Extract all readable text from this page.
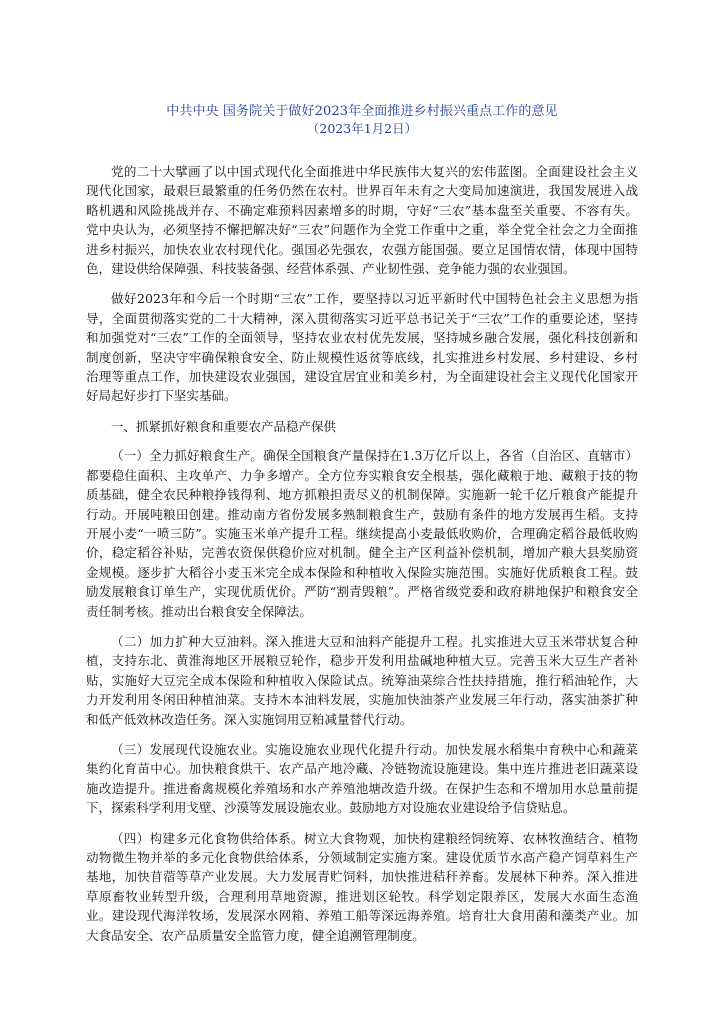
中共中央 国务院关于做好2023年全面推进乡村振兴重点工作的意见
（2023年1月2日）

党的二十大擘画了以中国式现代化全面推进中华民族伟大复兴的宏伟蓝图。全面建设社会主义现代化国家，最艰巨最繁重的任务仍然在农村。世界百年未有之大变局加速演进，我国发展进入战略机遇和风险挑战并存、不确定难预料因素增多的时期，守好“三农”基本盘至关重要、不容有失。党中央认为，必须坚持不懈把解决好“三农”问题作为全党工作重中之重，举全党全社会之力全面推进乡村振兴，加快农业农村现代化。强国必先强农，农强方能国强。要立足国情农情，体现中国特色，建设供给保障强、科技装备强、经营体系强、产业韧性强、竞争能力强的农业强国。

做好2023年和今后一个时期“三农”工作，要坚持以习近平新时代中国特色社会主义思想为指导，全面贯彻落实党的二十大精神，深入贯彻落实习近平总书记关于“三农”工作的重要论述，坚持和加强党对“三农”工作的全面领导，坚持农业农村优先发展，坚持城乡融合发展，强化科技创新和制度创新，坚决守牢确保粮食安全、防止规模性返贫等底线，扎实推进乡村发展、乡村建设、乡村治理等重点工作，加快建设农业强国，建设宜居宜业和美乡村，为全面建设社会主义现代化国家开好局起好步打下坚实基础。

一、抓紧抓好粮食和重要农产品稳产保供

（一）全力抓好粮食生产。确保全国粮食产量保持在1.3万亿斤以上，各省（自治区、直辖市）都要稳住面积、主攻单产、力争多增产。全方位夯实粮食安全根基，强化藏粮于地、藏粮于技的物质基础，健全农民种粮挣钱得利、地方抓粮担责尽义的机制保障。实施新一轮千亿斤粮食产能提升行动。开展吨粮田创建。推动南方省份发展多熟制粮食生产，鼓励有条件的地方发展再生稻。支持开展小麦“一喷三防”。实施玉米单产提升工程。继续提高小麦最低收购价，合理确定稻谷最低收购价，稳定稻谷补贴，完善农资保供稳价应对机制。健全主产区利益补偿机制，增加产粮大县奖励资金规模。逐步扩大稻谷小麦玉米完全成本保险和种植收入保险实施范围。实施好优质粮食工程。鼓励发展粮食订单生产，实现优质优价。严防“割青毁粮”。严格省级党委和政府耕地保护和粮食安全责任制考核。推动出台粮食安全保障法。

（二）加力扩种大豆油料。深入推进大豆和油料产能提升工程。扎实推进大豆玉米带状复合种植，支持东北、黄淮海地区开展粮豆轮作，稳步开发利用盐碱地种植大豆。完善玉米大豆生产者补贴，实施好大豆完全成本保险和种植收入保险试点。统筹油菜综合性扶持措施，推行稻油轮作，大力开发利用冬闲田种植油菜。支持木本油料发展，实施加快油茶产业发展三年行动，落实油茶扩种和低产低效林改造任务。深入实施饲用豆粕减量替代行动。

（三）发展现代设施农业。实施设施农业现代化提升行动。加快发展水稻集中育秧中心和蔬菜集约化育苗中心。加快粮食烘干、农产品产地冷藏、冷链物流设施建设。集中连片推进老旧蔬菜设施改造提升。推进畜禽规模化养殖场和水产养殖池塘改造升级。在保护生态和不增加用水总量前提下，探索科学利用戈壁、沙漠等发展设施农业。鼓励地方对设施农业建设给予信贷贴息。

（四）构建多元化食物供给体系。树立大食物观，加快构建粮经饲统筹、农林牧渔结合、植物动物微生物并举的多元化食物供给体系，分领域制定实施方案。建设优质节水高产稳产饲草料生产基地，加快苜蓿等草产业发展。大力发展青贮饲料，加快推进秸秆养畜。发展林下种养。深入推进草原畜牧业转型升级，合理利用草地资源，推进划区轮牧。科学划定限养区，发展大水面生态渔业。建设现代海洋牧场，发展深水网箱、养殖工船等深远海养殖。培育壮大食用菌和藻类产业。加大食品安全、农产品质量安全监管力度，健全追溯管理制度。
